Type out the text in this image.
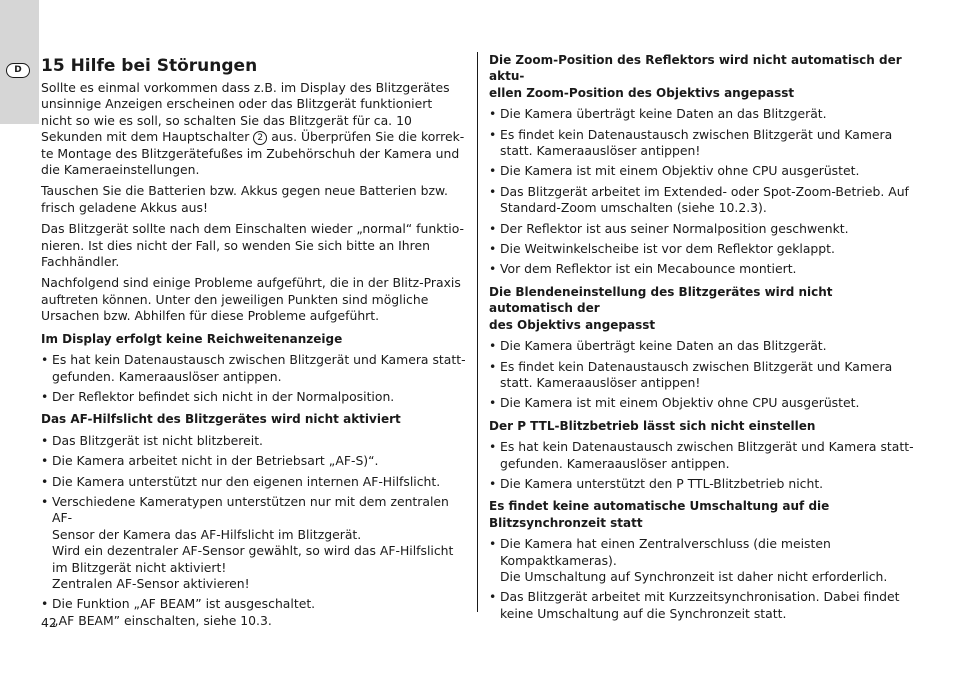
D	15 Hilfe bei Störungen

Sollte es einmal vorkommen dass z.B. im Display des Blitzgerätes
unsinnige Anzeigen erscheinen oder das Blitzgerät funktioniert
nicht so wie es soll, so schalten Sie das Blitzgerät für ca. 10
Sekunden mit dem Hauptschalter 2 aus. Überprüfen Sie die korrek-
te Montage des Blitzgerätefußes im Zubehörschuh der Kamera und
die Kameraeinstellungen.

Tauschen Sie die Batterien bzw. Akkus gegen neue Batterien bzw.
frisch geladene Akkus aus!

Das Blitzgerät sollte nach dem Einschalten wieder „normal“ funktio-
nieren. Ist dies nicht der Fall, so wenden Sie sich bitte an Ihren
Fachhändler.

Nachfolgend sind einige Probleme aufgeführt, die in der Blitz-Praxis
auftreten können. Unter den jeweiligen Punkten sind mögliche
Ursachen bzw. Abhilfen für diese Probleme aufgeführt.

Im Display erfolgt keine Reichweitenanzeige
• Es hat kein Datenaustausch zwischen Blitzgerät und Kamera statt-
gefunden. Kameraauslöser antippen.
• Der Reflektor befindet sich nicht in der Normalposition.
Das AF-Hilfslicht des Blitzgerätes wird nicht aktiviert
• Das Blitzgerät ist nicht blitzbereit.
• Die Kamera arbeitet nicht in der Betriebsart „AF-S)“.
• Die Kamera unterstützt nur den eigenen internen AF-Hilfslicht.
• Verschiedene Kameratypen unterstützen nur mit dem zentralen AF-
Sensor der Kamera das AF-Hilfslicht im Blitzgerät.
Wird ein dezentraler AF-Sensor gewählt, so wird das AF-Hilfslicht
im Blitzgerät nicht aktiviert!
Zentralen AF-Sensor aktivieren!
• Die Funktion „AF BEAM” ist ausgeschaltet.
„AF BEAM” einschalten, siehe 10.3.
Die Zoom-Position des Reflektors wird nicht automatisch der aktu-
ellen Zoom-Position des Objektivs angepasst
• Die Kamera überträgt keine Daten an das Blitzgerät.
• Es findet kein Datenaustausch zwischen Blitzgerät und Kamera
statt. Kameraauslöser antippen!
• Die Kamera ist mit einem Objektiv ohne CPU ausgerüstet.
• Das Blitzgerät arbeitet im Extended- oder Spot-Zoom-Betrieb. Auf
Standard-Zoom umschalten (siehe 10.2.3).
• Der Reflektor ist aus seiner Normalposition geschwenkt.
• Die Weitwinkelscheibe ist vor dem Reflektor geklappt.
• Vor dem Reflektor ist ein Mecabounce montiert.
Die Blendeneinstellung des Blitzgerätes wird nicht automatisch der
des Objektivs angepasst
• Die Kamera überträgt keine Daten an das Blitzgerät.
• Es findet kein Datenaustausch zwischen Blitzgerät und Kamera
statt. Kameraauslöser antippen!
• Die Kamera ist mit einem Objektiv ohne CPU ausgerüstet.
Der P TTL-Blitzbetrieb lässt sich nicht einstellen
• Es hat kein Datenaustausch zwischen Blitzgerät und Kamera statt-
gefunden. Kameraauslöser antippen.
• Die Kamera unterstützt den P TTL-Blitzbetrieb nicht.
Es findet keine automatische Umschaltung auf die
Blitzsynchronzeit statt
• Die Kamera hat einen Zentralverschluss (die meisten
Kompaktkameras).
Die Umschaltung auf Synchronzeit ist daher nicht erforderlich.
• Das Blitzgerät arbeitet mit Kurzzeitsynchronisation. Dabei findet
keine Umschaltung auf die Synchronzeit statt.
42
